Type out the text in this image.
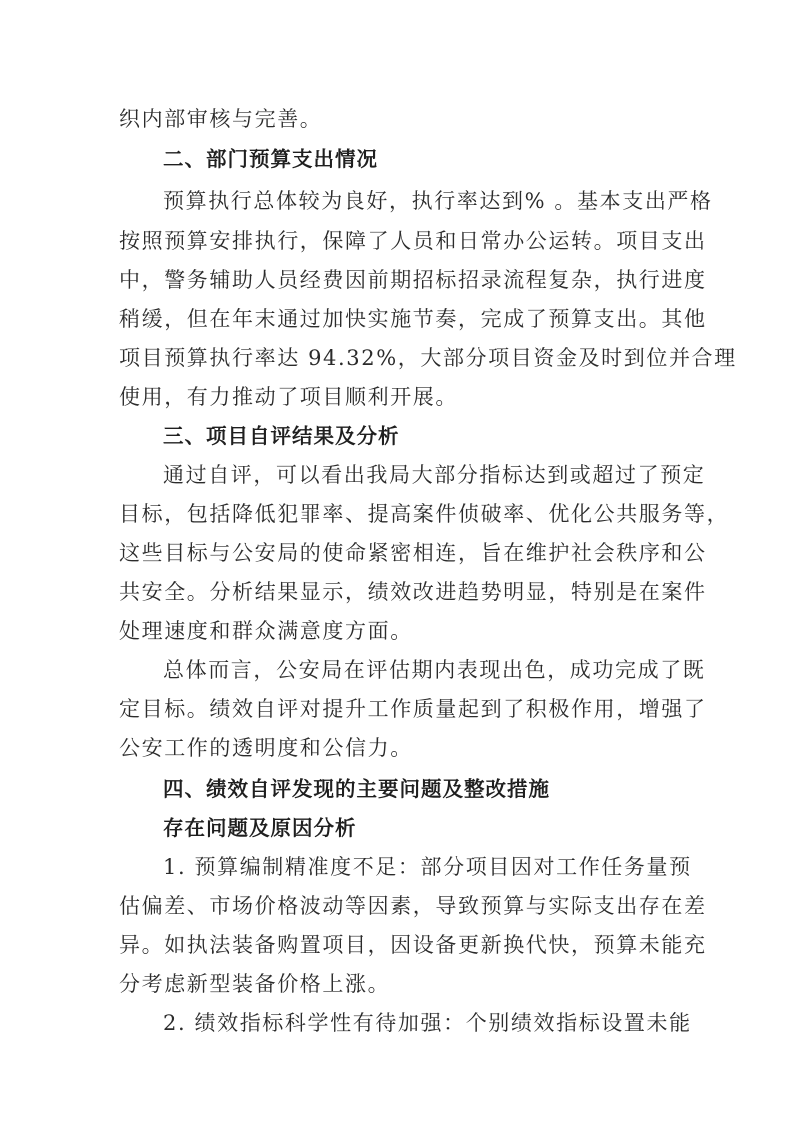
织内部审核与完善。
二、部门预算支出情况
预算执行总体较为良好，执行率达到% 。基本支出严格
按照预算安排执行，保障了人员和日常办公运转。项目支出
中，警务辅助人员经费因前期招标招录流程复杂，执行进度
稍缓，但在年末通过加快实施节奏，完成了预算支出。其他
项目预算执行率达 94.32%，大部分项目资金及时到位并合理
使用，有力推动了项目顺利开展。
三、项目自评结果及分析
通过自评，可以看出我局大部分指标达到或超过了预定
目标，包括降低犯罪率、提高案件侦破率、优化公共服务等，
这些目标与公安局的使命紧密相连，旨在维护社会秩序和公
共安全。分析结果显示，绩效改进趋势明显，特别是在案件
处理速度和群众满意度方面。
总体而言，公安局在评估期内表现出色，成功完成了既
定目标。绩效自评对提升工作质量起到了积极作用，增强了
公安工作的透明度和公信力。
四、绩效自评发现的主要问题及整改措施
存在问题及原因分析
1. 预算编制精准度不足：部分项目因对工作任务量预
估偏差、市场价格波动等因素，导致预算与实际支出存在差
异。如执法装备购置项目，因设备更新换代快，预算未能充
分考虑新型装备价格上涨。
2. 绩效指标科学性有待加强：个别绩效指标设置未能
